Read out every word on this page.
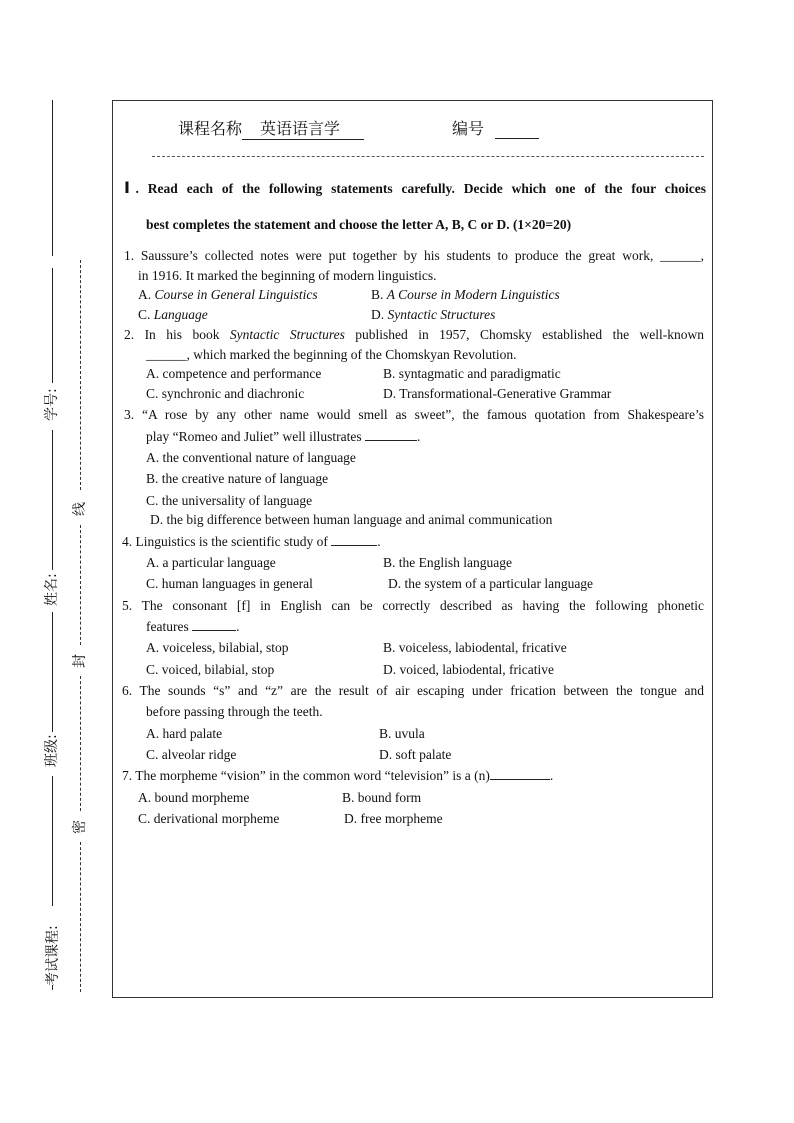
学号:
姓名:
班级:
考试课程:
线
封
密
课程名称 英语语言学	编号
Ⅰ. Read each of the following statements carefully. Decide which one of the four choices
best completes the statement and choose the letter A, B, C or D. (1×20=20)
1. Saussure’s collected notes were put together by his students to produce the great work, ______,
in 1916. It marked the beginning of modern linguistics.
A. Course in General Linguistics	B. A Course in Modern Linguistics
C. Language	D. Syntactic Structures
2. In his book Syntactic Structures published in 1957, Chomsky established the well-known
______, which marked the beginning of the Chomskyan Revolution.
A. competence and performance	B. syntagmatic and paradigmatic
C. synchronic and diachronic	D. Transformational-Generative Grammar
3. “A rose by any other name would smell as sweet”, the famous quotation from Shakespeare’s
play “Romeo and Juliet” well illustrates	.
A. the conventional nature of language
B. the creative nature of language
C. the universality of language
D. the big difference between human language and animal communication
4. Linguistics is the scientific study of	.
A. a particular language	B. the English language
C. human languages in general	D. the system of a particular language
5. The consonant [f] in English can be correctly described as having the following phonetic
features	.
A. voiceless, bilabial, stop	B. voiceless, labiodental, fricative
C. voiced, bilabial, stop	D. voiced, labiodental, fricative
6. The sounds “s” and “z” are the result of air escaping under frication between the tongue and
before passing through the teeth.
A. hard palate	B. uvula
C. alveolar ridge	D. soft palate
7. The morpheme “vision” in the common word “television” is a (n)	.
A. bound morpheme	B. bound form
C. derivational morpheme	D. free morpheme
